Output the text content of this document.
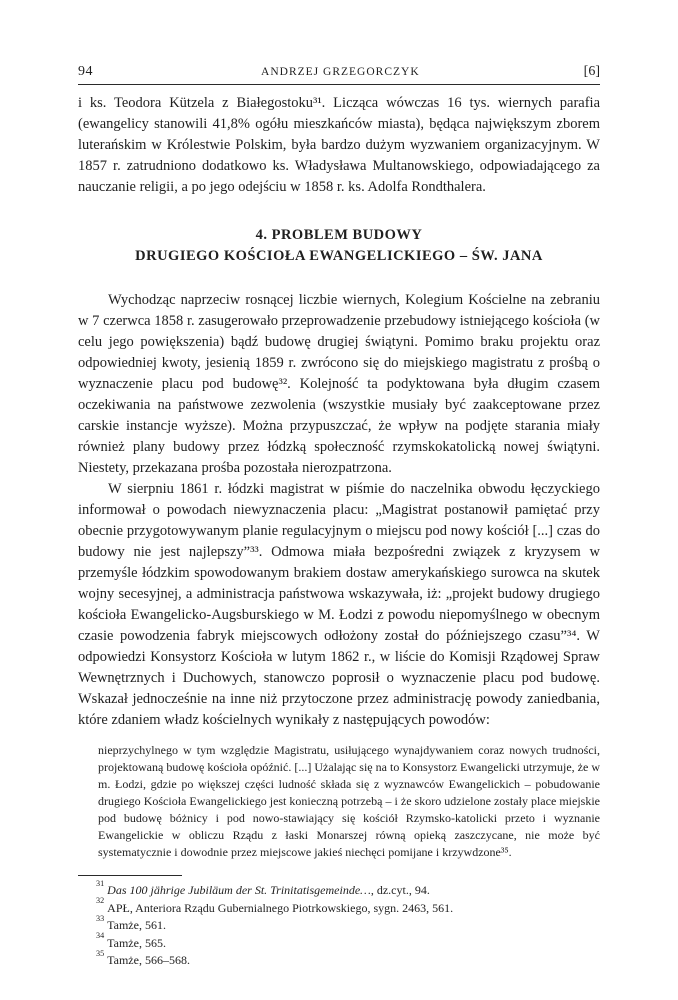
94	ANDRZEJ GRZEGORCZYK	[6]

i ks. Teodora Kützela z Białegostoku³¹. Licząca wówczas 16 tys. wiernych parafia (ewangelicy stanowili 41,8% ogółu mieszkańców miasta), będąca największym zborem luterańskim w Królestwie Polskim, była bardzo dużym wyzwaniem organizacyjnym. W 1857 r. zatrudniono dodatkowo ks. Władysława Multanowskiego, odpowiadającego za nauczanie religii, a po jego odejściu w 1858 r. ks. Adolfa Rondthalera.

4. PROBLEM BUDOWY
DRUGIEGO KOŚCIOŁA EWANGELICKIEGO – ŚW. JANA

Wychodząc naprzeciw rosnącej liczbie wiernych, Kolegium Kościelne na zebraniu w 7 czerwca 1858 r. zasugerowało przeprowadzenie przebudowy istniejącego kościoła (w celu jego powiększenia) bądź budowę drugiej świątyni. Pomimo braku projektu oraz odpowiedniej kwoty, jesienią 1859 r. zwrócono się do miejskiego magistratu z prośbą o wyznaczenie placu pod budowę³². Kolejność ta podyktowana była długim czasem oczekiwania na państwowe zezwolenia (wszystkie musiały być zaakceptowane przez carskie instancje wyższe). Można przypuszczać, że wpływ na podjęte starania miały również plany budowy przez łódzką społeczność rzymskokatolicką nowej świątyni. Niestety, przekazana prośba pozostała nierozpatrzona.

W sierpniu 1861 r. łódzki magistrat w piśmie do naczelnika obwodu łęczyckiego informował o powodach niewyznaczenia placu: „Magistrat postanowił pamiętać przy obecnie przygotowywanym planie regulacyjnym o miejscu pod nowy kościół [...] czas do budowy nie jest najlepszy”³³. Odmowa miała bezpośredni związek z kryzysem w przemyśle łódzkim spowodowanym brakiem dostaw amerykańskiego surowca na skutek wojny secesyjnej, a administracja państwowa wskazywała, iż: „projekt budowy drugiego kościoła Ewangelicko-Augsburskiego w M. Łodzi z powodu niepomyślnego w obecnym czasie powodzenia fabryk miejscowych odłożony został do późniejszego czasu”³⁴. W odpowiedzi Konsystorz Kościoła w lutym 1862 r., w liście do Komisji Rządowej Spraw Wewnętrznych i Duchowych, stanowczo poprosił o wyznaczenie placu pod budowę. Wskazał jednocześnie na inne niż przytoczone przez administrację powody zaniedbania, które zdaniem władz kościelnych wynikały z następujących powodów:

nieprzychylnego w tym względzie Magistratu, usiłującego wynajdywaniem coraz nowych trudności, projektowaną budowę kościoła opóźnić. [...] Użalając się na to Konsystorz Ewangelicki utrzymuje, że w m. Łodzi, gdzie po większej części ludność składa się z wyznawców Ewangelickich – pobudowanie drugiego Kościoła Ewangelickiego jest konieczną potrzebą – i że skoro udzielone zostały place miejskie pod budowę bóżnicy i pod nowo-stawiający się kościół Rzymsko-katolicki przeto i wyznanie Ewangelickie w obliczu Rządu z łaski Monarszej równą opieką zaszczycane, nie może być systematycznie i dowodnie przez miejscowe jakieś niechęci pomijane i krzywdzone³⁵.
$^{31}$ Das 100 jährige Jubiläum der St. Trinitatisgemeinde…, dz.cyt., 94.
$^{32}$ APŁ, Anteriora Rządu Gubernialnego Piotrkowskiego, sygn. 2463, 561.
$^{33}$ Tamże, 561.
$^{34}$ Tamże, 565.
$^{35}$ Tamże, 566–568.
